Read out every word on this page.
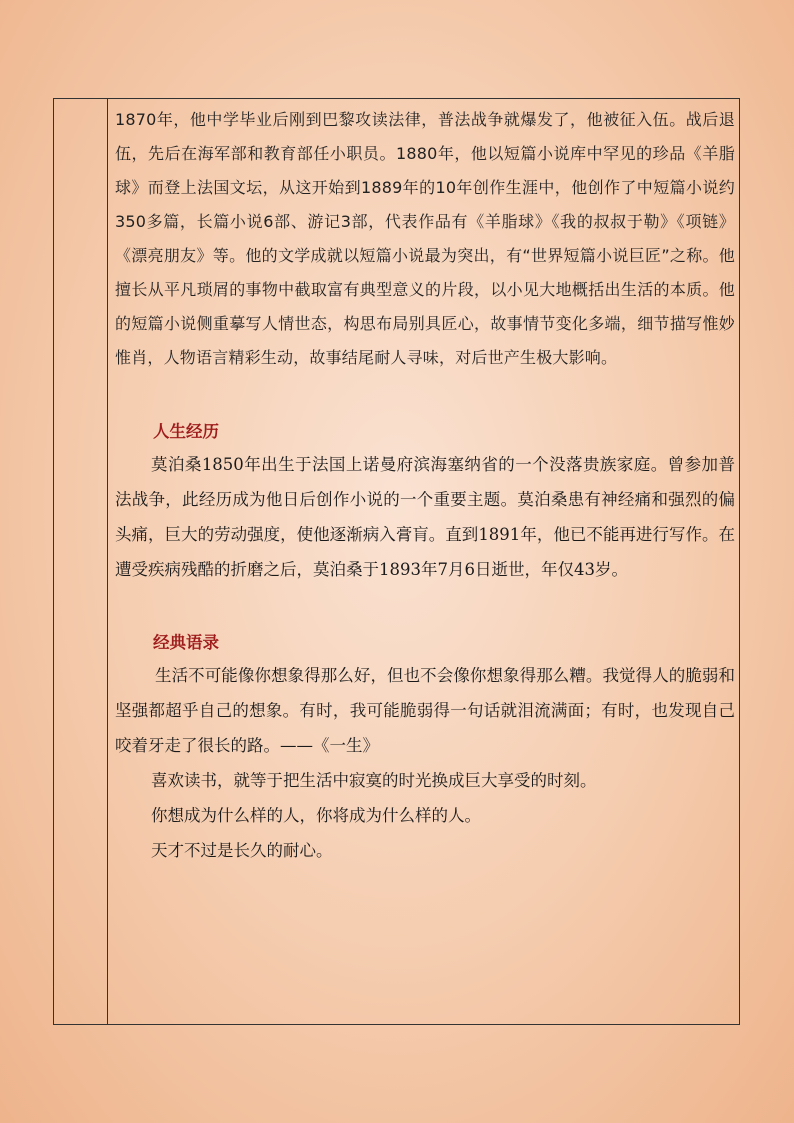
1870年，他中学毕业后刚到巴黎攻读法律，普法战争就爆发了，他被征入伍。战后退伍，先后在海军部和教育部任小职员。1880年，他以短篇小说库中罕见的珍品《羊脂球》而登上法国文坛，从这开始到1889年的10年创作生涯中，他创作了中短篇小说约350多篇，长篇小说6部、游记3部，代表作品有《羊脂球》《我的叔叔于勒》《项链》《漂亮朋友》等。他的文学成就以短篇小说最为突出，有“世界短篇小说巨匠”之称。他擅长从平凡琐屑的事物中截取富有典型意义的片段，以小见大地概括出生活的本质。他的短篇小说侧重摹写人情世态，构思布局别具匠心，故事情节变化多端，细节描写惟妙惟肖，人物语言精彩生动，故事结尾耐人寻味，对后世产生极大影响。

人生经历

莫泊桑1850年出生于法国上诺曼府滨海塞纳省的一个没落贵族家庭。曾参加普法战争，此经历成为他日后创作小说的一个重要主题。莫泊桑患有神经痛和强烈的偏头痛，巨大的劳动强度，使他逐渐病入膏肓。直到1891年，他已不能再进行写作。在遭受疾病残酷的折磨之后，莫泊桑于1893年7月6日逝世，年仅43岁。

经典语录

生活不可能像你想象得那么好，但也不会像你想象得那么糟。我觉得人的脆弱和坚强都超乎自己的想象。有时，我可能脆弱得一句话就泪流满面；有时，也发现自己咬着牙走了很长的路。——《一生》

喜欢读书，就等于把生活中寂寞的时光换成巨大享受的时刻。

你想成为什么样的人，你将成为什么样的人。

天才不过是长久的耐心。
